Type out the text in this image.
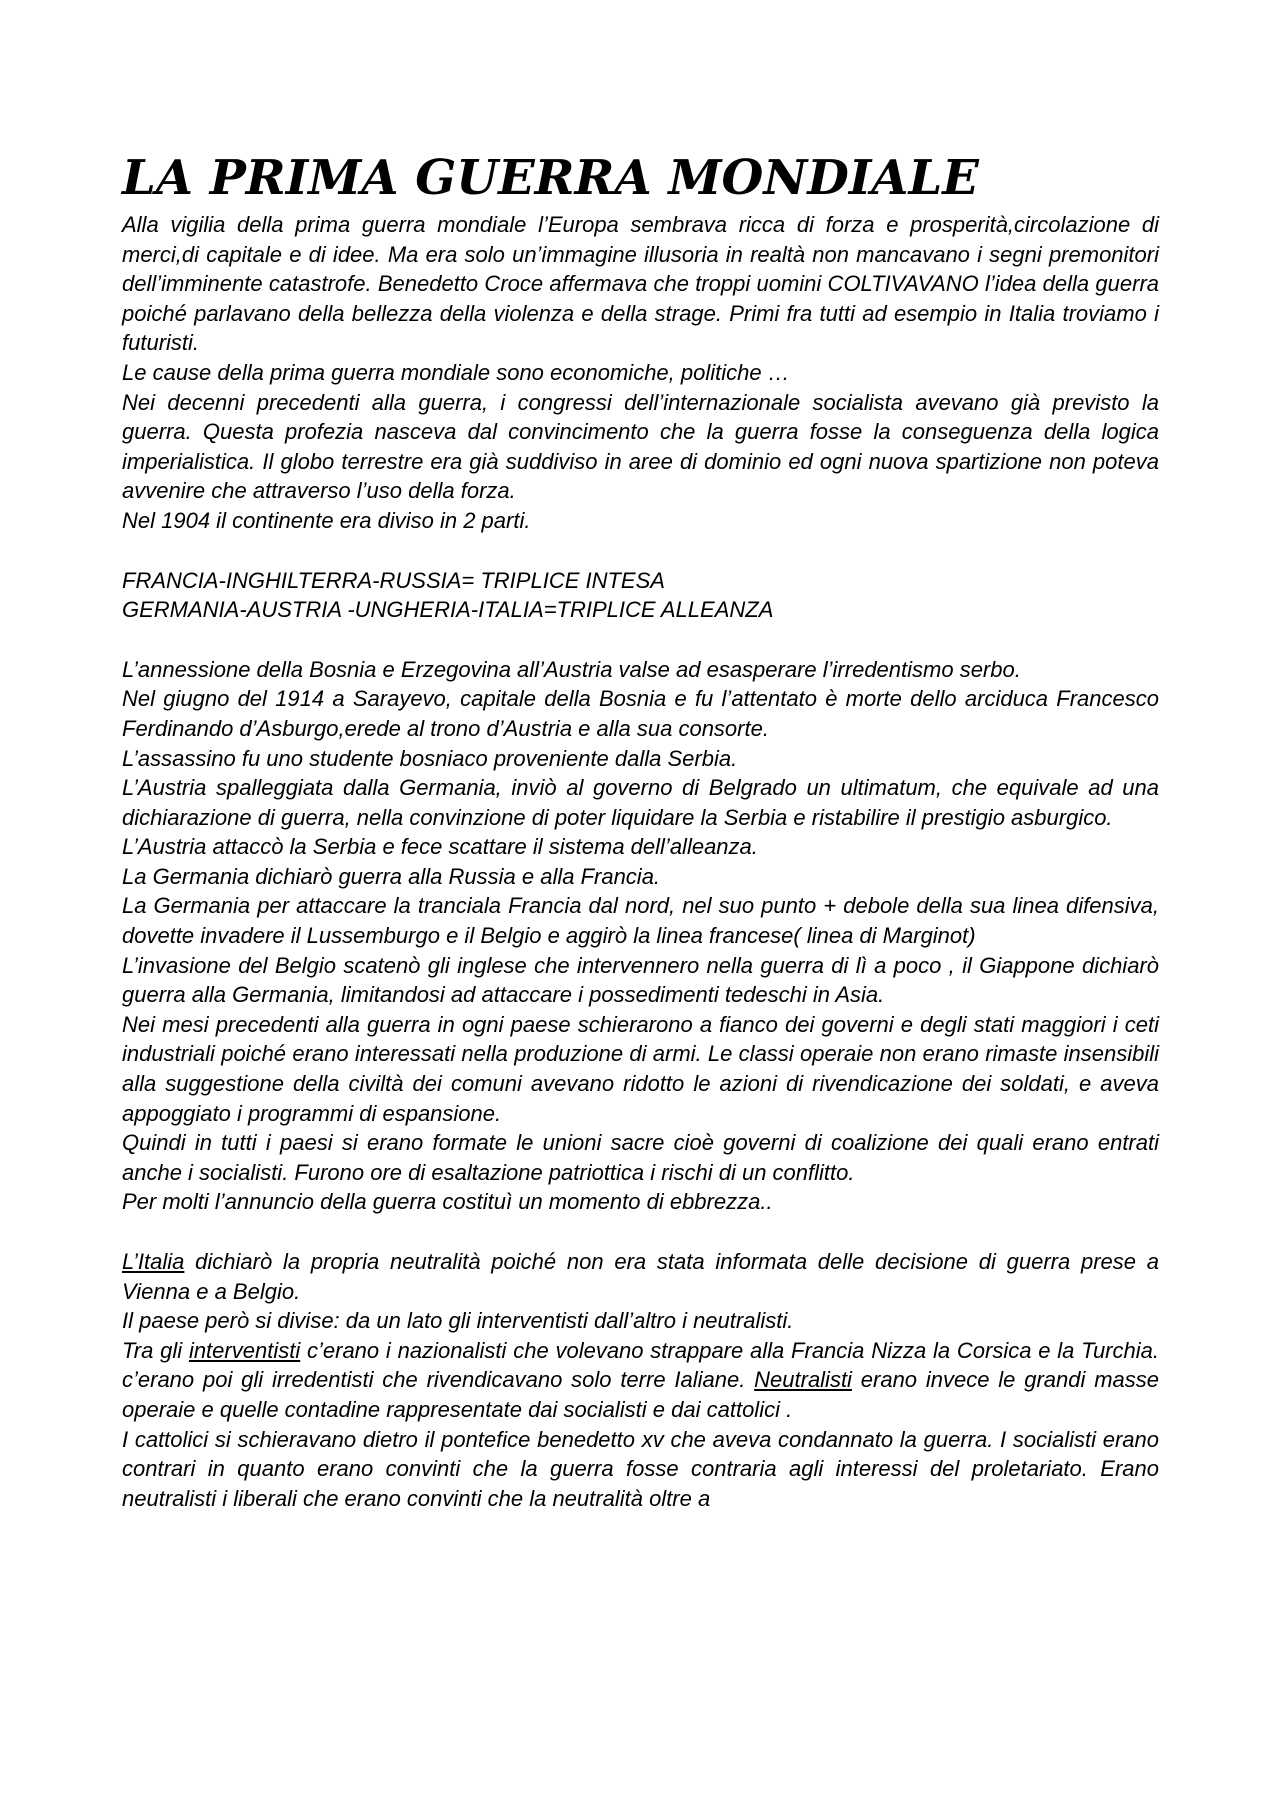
LA PRIMA GUERRA MONDIALE

Alla vigilia della prima guerra mondiale l’Europa sembrava ricca di forza e prosperità,circolazione di merci,di capitale e di idee. Ma era solo un’immagine illusoria in realtà non mancavano i segni premonitori dell’imminente catastrofe. Benedetto Croce affermava che troppi uomini COLTIVAVANO l’idea della guerra poiché parlavano della bellezza della violenza e della strage. Primi fra tutti ad esempio in Italia troviamo i futuristi.

Le cause della prima guerra mondiale sono economiche, politiche …

Nei decenni precedenti alla guerra, i congressi dell’internazionale socialista avevano già previsto la guerra. Questa profezia nasceva dal convincimento che la guerra fosse la conseguenza della logica imperialistica. Il globo terrestre era già suddiviso in aree di dominio ed ogni nuova spartizione non poteva avvenire che attraverso l’uso della forza.

Nel 1904 il continente era diviso in 2 parti.

FRANCIA-INGHILTERRA-RUSSIA= TRIPLICE INTESA

GERMANIA-AUSTRIA -UNGHERIA-ITALIA=TRIPLICE ALLEANZA

L’annessione della Bosnia e Erzegovina all’Austria valse ad esasperare l’irredentismo serbo.

Nel giugno del 1914 a Sarayevo, capitale della Bosnia e fu l’attentato è morte dello arciduca Francesco Ferdinando d’Asburgo,erede al trono d’Austria e alla sua consorte.

L’assassino fu uno studente bosniaco proveniente dalla Serbia.

L’Austria spalleggiata dalla Germania, inviò al governo di Belgrado un ultimatum, che equivale ad una dichiarazione di guerra, nella convinzione di poter liquidare la Serbia e ristabilire il prestigio asburgico.

L’Austria attaccò la Serbia e fece scattare il sistema dell’alleanza.

La Germania dichiarò guerra alla Russia e alla Francia.

La Germania per attaccare la tranciala Francia dal nord, nel suo punto + debole della sua linea difensiva, dovette invadere il Lussemburgo e il Belgio e aggirò la linea francese( linea di Marginot)

L’invasione del Belgio scatenò gli inglese che intervennero nella guerra di lì a poco , il Giappone dichiarò guerra alla Germania, limitandosi ad attaccare i possedimenti tedeschi in Asia.

Nei mesi precedenti alla guerra in ogni paese schierarono a fianco dei governi e degli stati maggiori i ceti industriali poiché erano interessati nella produzione di armi. Le classi operaie non erano rimaste insensibili alla suggestione della civiltà dei comuni avevano ridotto le azioni di rivendicazione dei soldati, e aveva appoggiato i programmi di espansione.

Quindi in tutti i paesi si erano formate le unioni sacre cioè governi di coalizione dei quali erano entrati anche i socialisti. Furono ore di esaltazione patriottica i rischi di un conflitto.

Per molti l’annuncio della guerra costituì un momento di ebbrezza..

L’Italia dichiarò la propria neutralità poiché non era stata informata delle decisione di guerra prese a Vienna e a Belgio.

Il paese però si divise: da un lato gli interventisti dall’altro i neutralisti.

Tra gli interventisti c’erano i nazionalisti che volevano strappare alla Francia Nizza la Corsica e la Turchia. c’erano poi gli irredentisti che rivendicavano solo terre Ialiane. Neutralisti erano invece le grandi masse operaie e quelle contadine rappresentate dai socialisti e dai cattolici .

I cattolici si schieravano dietro il pontefice benedetto xv che aveva condannato la guerra. I socialisti erano contrari in quanto erano convinti che la guerra fosse contraria agli interessi del proletariato. Erano neutralisti i liberali che erano convinti che la neutralità oltre a
